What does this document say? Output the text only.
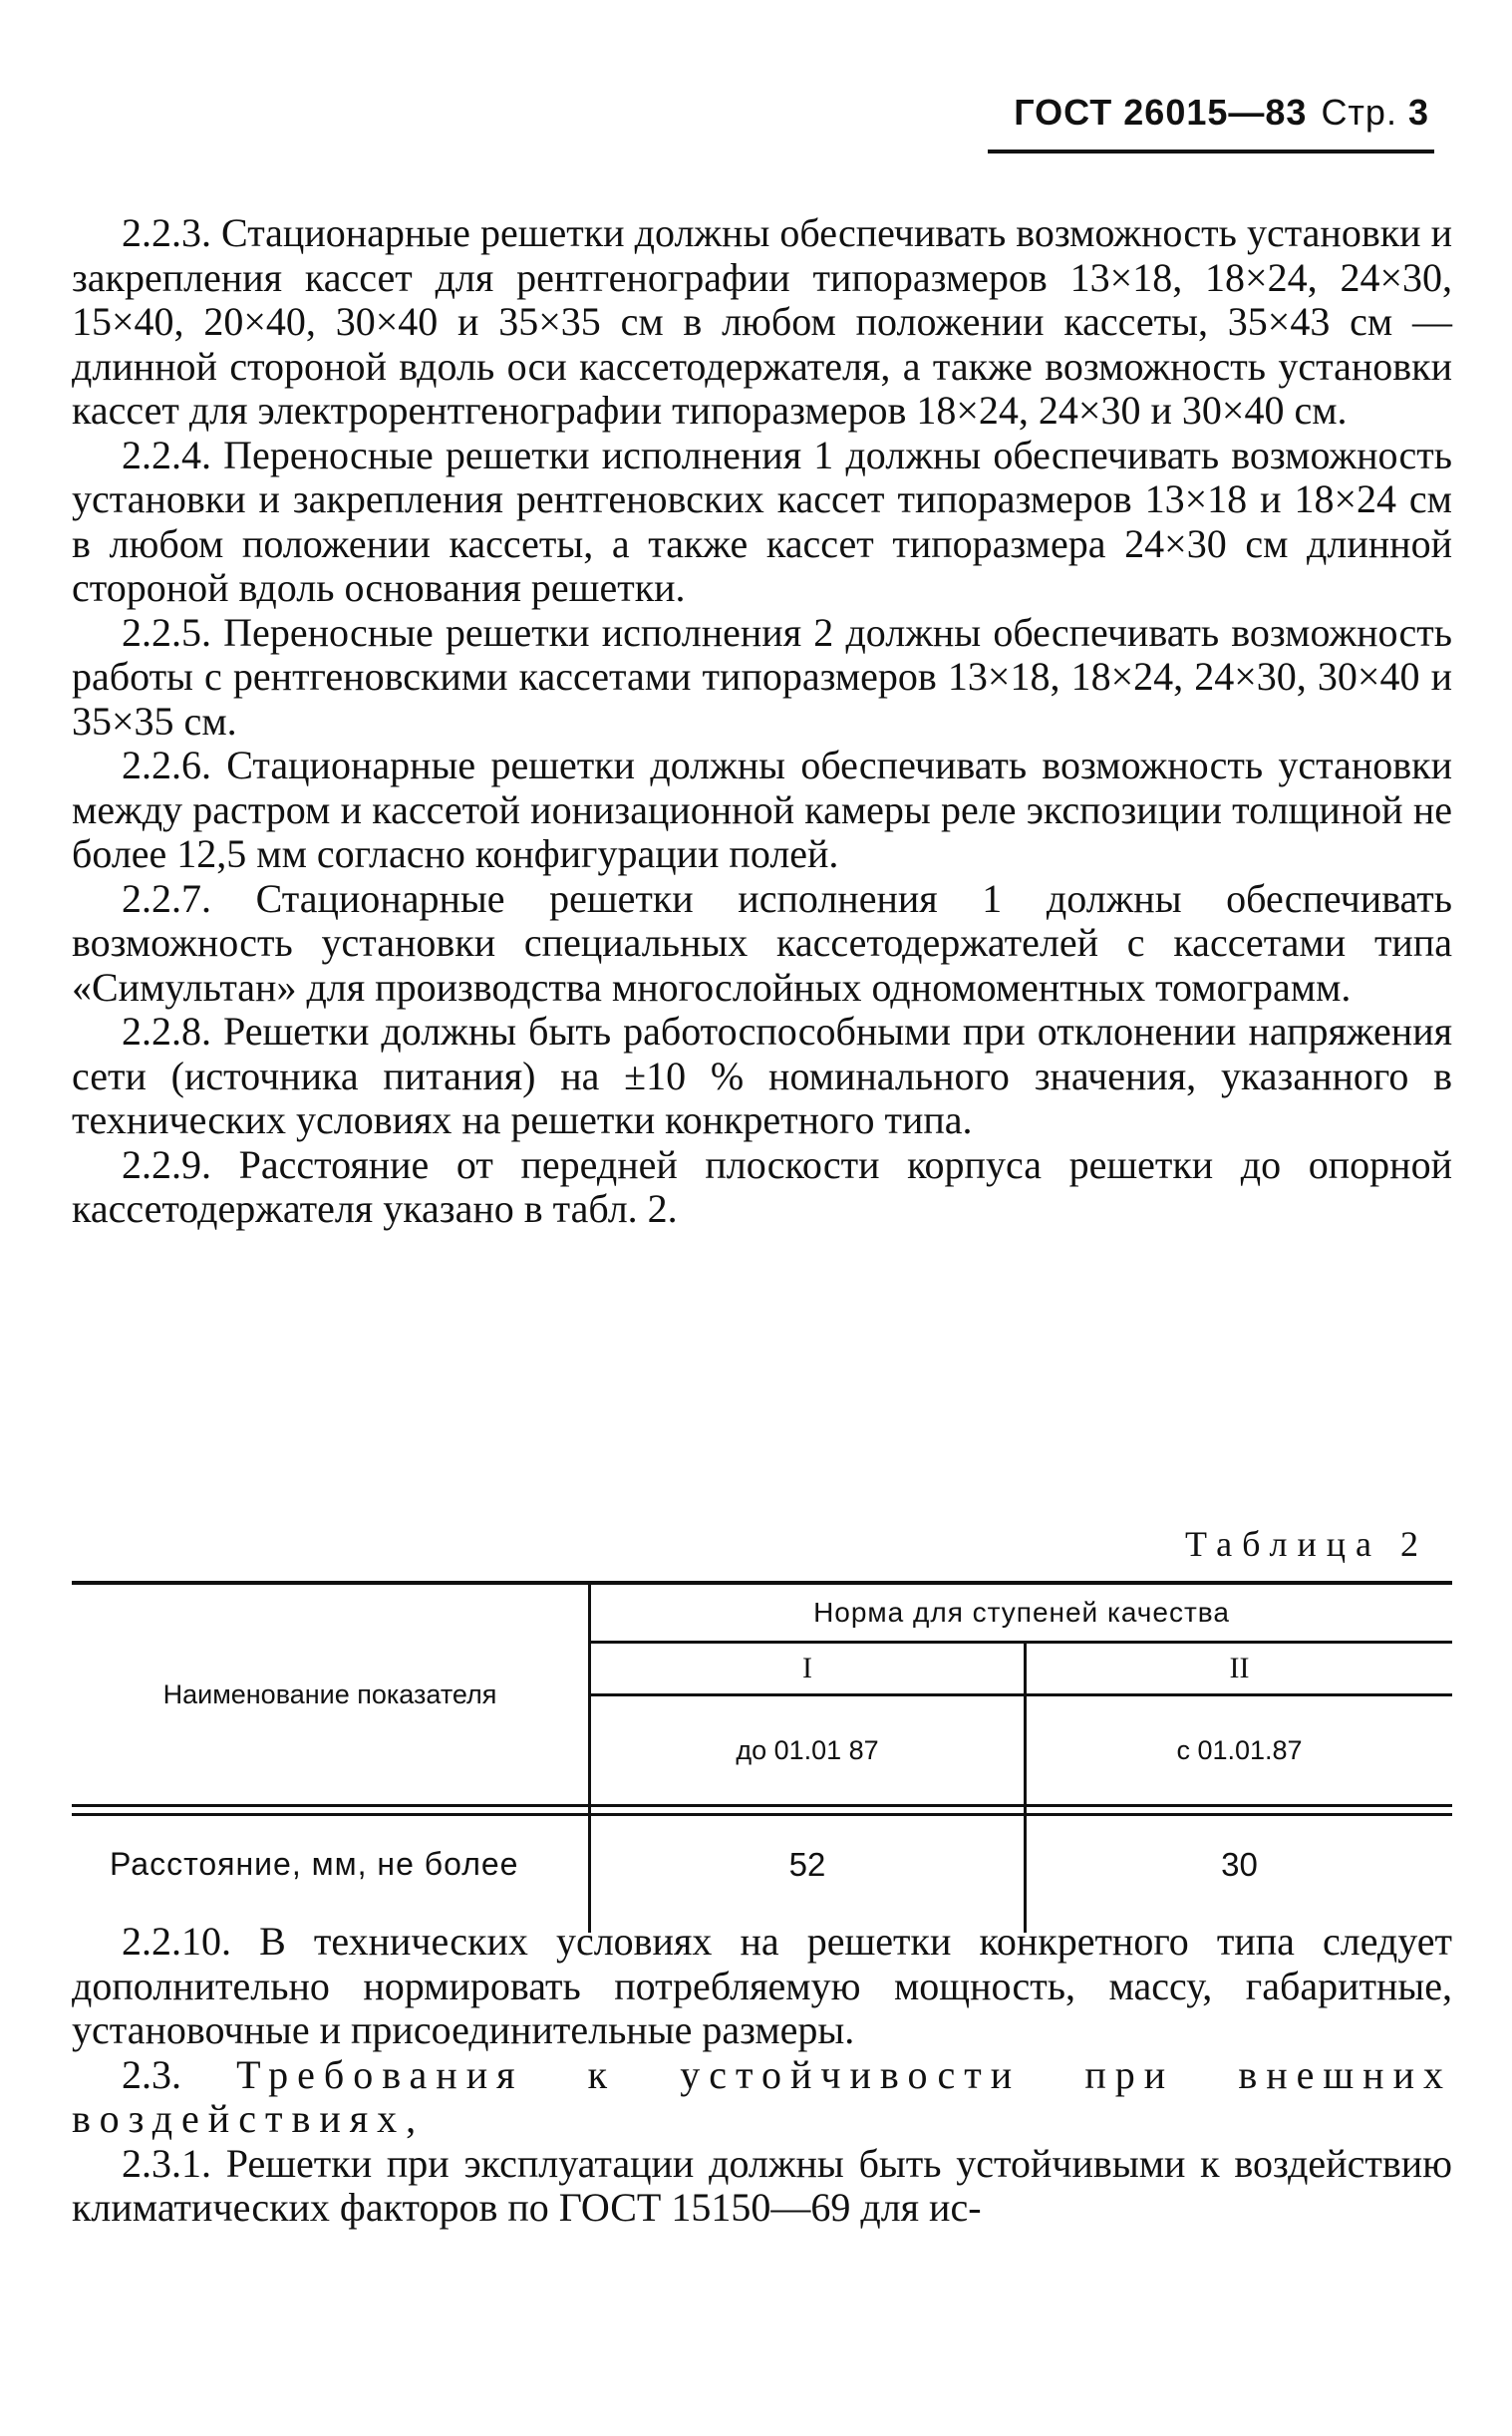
ГОСТ 26015—83 Стр. 3

2.2.3. Стационарные решетки должны обеспечивать возможность установки и закрепления кассет для рентгенографии типоразмеров 13×18, 18×24, 24×30, 15×40, 20×40, 30×40 и 35×35 см в любом положении кассеты, 35×43 см — длинной стороной вдоль оси кассетодержателя, а также возможность установки кассет для электрорентгенографии типоразмеров 18×24, 24×30 и 30×40 см.

2.2.4. Переносные решетки исполнения 1 должны обеспечивать возможность установки и закрепления рентгеновских кассет типоразмеров 13×18 и 18×24 см в любом положении кассеты, а также кассет типоразмера 24×30 см длинной стороной вдоль основания решетки.

2.2.5. Переносные решетки исполнения 2 должны обеспечивать возможность работы с рентгеновскими кассетами типоразмеров 13×18, 18×24, 24×30, 30×40 и 35×35 см.

2.2.6. Стационарные решетки должны обеспечивать возможность установки между растром и кассетой ионизационной камеры реле экспозиции толщиной не более 12,5 мм согласно конфигурации полей.

2.2.7. Стационарные решетки исполнения 1 должны обеспечивать возможность установки специальных кассетодержателей с кассетами типа «Симультан» для производства многослойных одномоментных томограмм.

2.2.8. Решетки должны быть работоспособными при отклонении напряжения сети (источника питания) на ±10 % номинального значения, указанного в технических условиях на решетки конкретного типа.

2.2.9. Расстояние от передней плоскости корпуса решетки до опорной кассетодержателя указано в табл. 2.

Таблица 2
Наименование показателя	Норма для ступеней качества	
	I	II
	до 01.01 87	с 01.01.87

Расстояние, мм, не более	52	30

2.2.10. В технических условиях на решетки конкретного типа следует дополнительно нормировать потребляемую мощность, массу, габаритные, установочные и присоединительные размеры.

2.3. Требования к устойчивости при внешних воздействиях,

2.3.1. Решетки при эксплуатации должны быть устойчивыми к воздействию климатических факторов по ГОСТ 15150—69 для ис-
